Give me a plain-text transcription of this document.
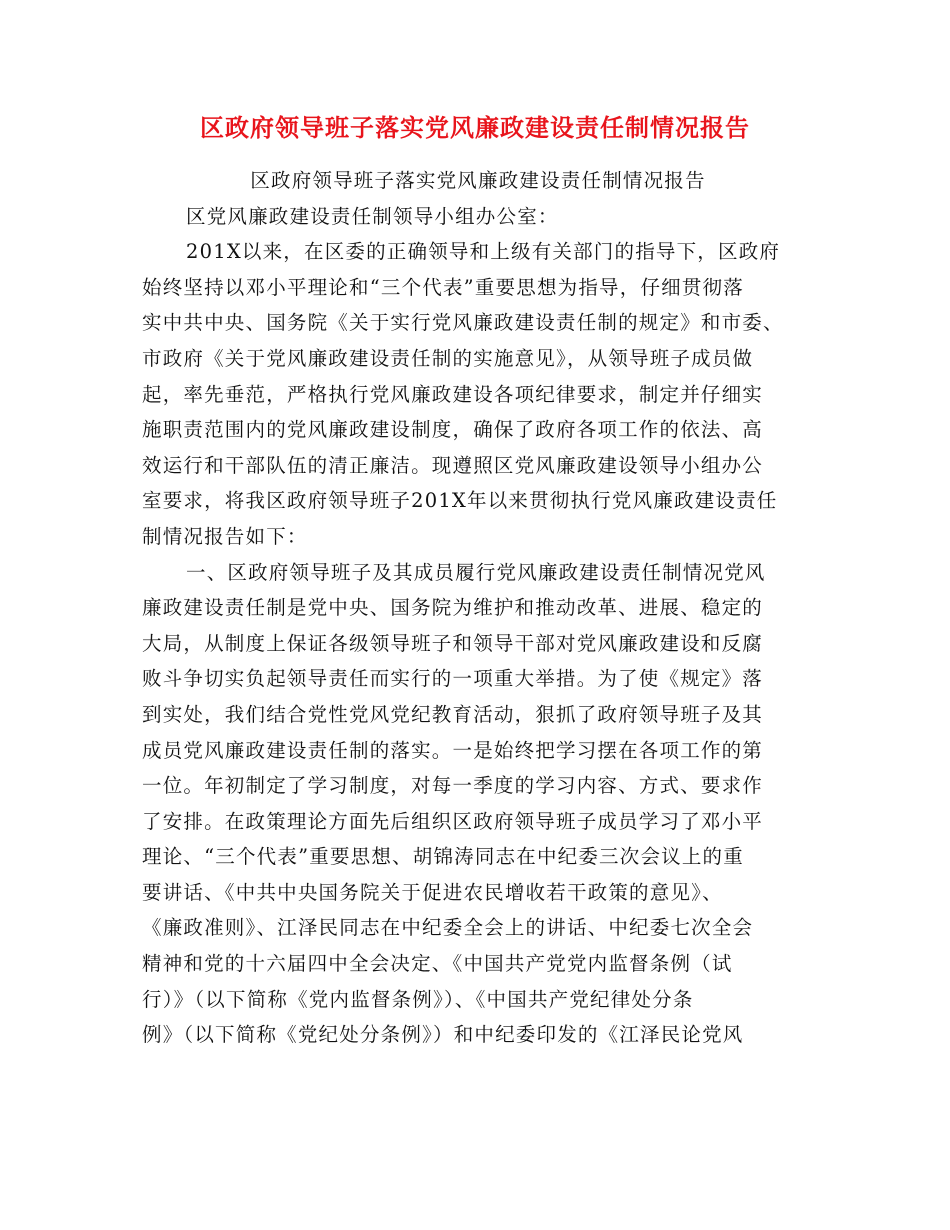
区政府领导班子落实党风廉政建设责任制情况报告
区政府领导班子落实党风廉政建设责任制情况报告
区党风廉政建设责任制领导小组办公室：
201X以来，在区委的正确领导和上级有关部门的指导下，区政府
始终坚持以邓小平理论和“三个代表”重要思想为指导，仔细贯彻落
实中共中央、国务院《关于实行党风廉政建设责任制的规定》和市委、
市政府《关于党风廉政建设责任制的实施意见》，从领导班子成员做
起，率先垂范，严格执行党风廉政建设各项纪律要求，制定并仔细实
施职责范围内的党风廉政建设制度，确保了政府各项工作的依法、高
效运行和干部队伍的清正廉洁。现遵照区党风廉政建设领导小组办公
室要求，将我区政府领导班子201X年以来贯彻执行党风廉政建设责任
制情况报告如下：
一、区政府领导班子及其成员履行党风廉政建设责任制情况党风
廉政建设责任制是党中央、国务院为维护和推动改革、进展、稳定的
大局，从制度上保证各级领导班子和领导干部对党风廉政建设和反腐
败斗争切实负起领导责任而实行的一项重大举措。为了使《规定》落
到实处，我们结合党性党风党纪教育活动，狠抓了政府领导班子及其
成员党风廉政建设责任制的落实。一是始终把学习摆在各项工作的第
一位。年初制定了学习制度，对每一季度的学习内容、方式、要求作
了安排。在政策理论方面先后组织区政府领导班子成员学习了邓小平
理论、“三个代表”重要思想、胡锦涛同志在中纪委三次会议上的重
要讲话、《中共中央国务院关于促进农民增收若干政策的意见》、
《廉政准则》、江泽民同志在中纪委全会上的讲话、中纪委七次全会
精神和党的十六届四中全会决定、《中国共产党党内监督条例（试
行）》（以下简称《党内监督条例》）、《中国共产党纪律处分条
例》（以下简称《党纪处分条例》）和中纪委印发的《江泽民论党风
